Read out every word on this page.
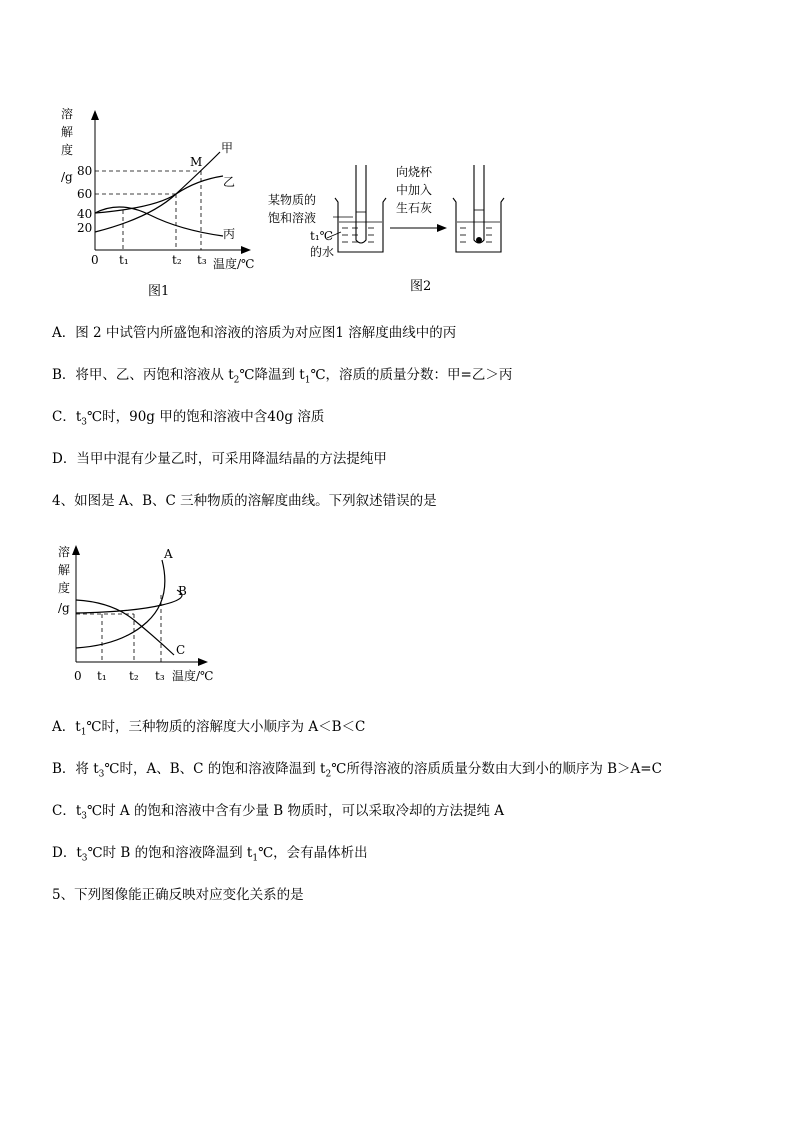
溶
解
度
/g 80
60
40
20
M
甲
乙
丙
0 t₁	t₂ t₃ 温度/℃
图1
某物质的
饱和溶液
t₁℃
的水
向烧杯
中加入
生石灰
图2
A．图 2 中试管内所盛饱和溶液的溶质为对应图1 溶解度曲线中的丙
B．将甲、乙、丙饱和溶液从 $t_2℃$降温到 $t_1℃$，溶质的质量分数：甲=乙＞丙
C．$t_3℃$时，90g 甲的饱和溶液中含40g 溶质
D．当甲中混有少量乙时，可采用降温结晶的方法提纯甲
4、如图是 A、B、C 三种物质的溶解度曲线。下列叙述错误的是
溶
解
度
/g
A
B
C
0 t₁ t₂ t₃ 温度/℃
A．$t_1℃$时，三种物质的溶解度大小顺序为 A＜B＜C
B．将 $t_3℃$时，A、B、C 的饱和溶液降温到 $t_2℃$所得溶液的溶质质量分数由大到小的顺序为 B＞A=C
C．$t_3℃$时 A 的饱和溶液中含有少量 B 物质时，可以采取冷却的方法提纯 A
D．$t_3℃$时 B 的饱和溶液降温到 $t_1℃$，会有晶体析出
5、下列图像能正确反映对应变化关系的是
